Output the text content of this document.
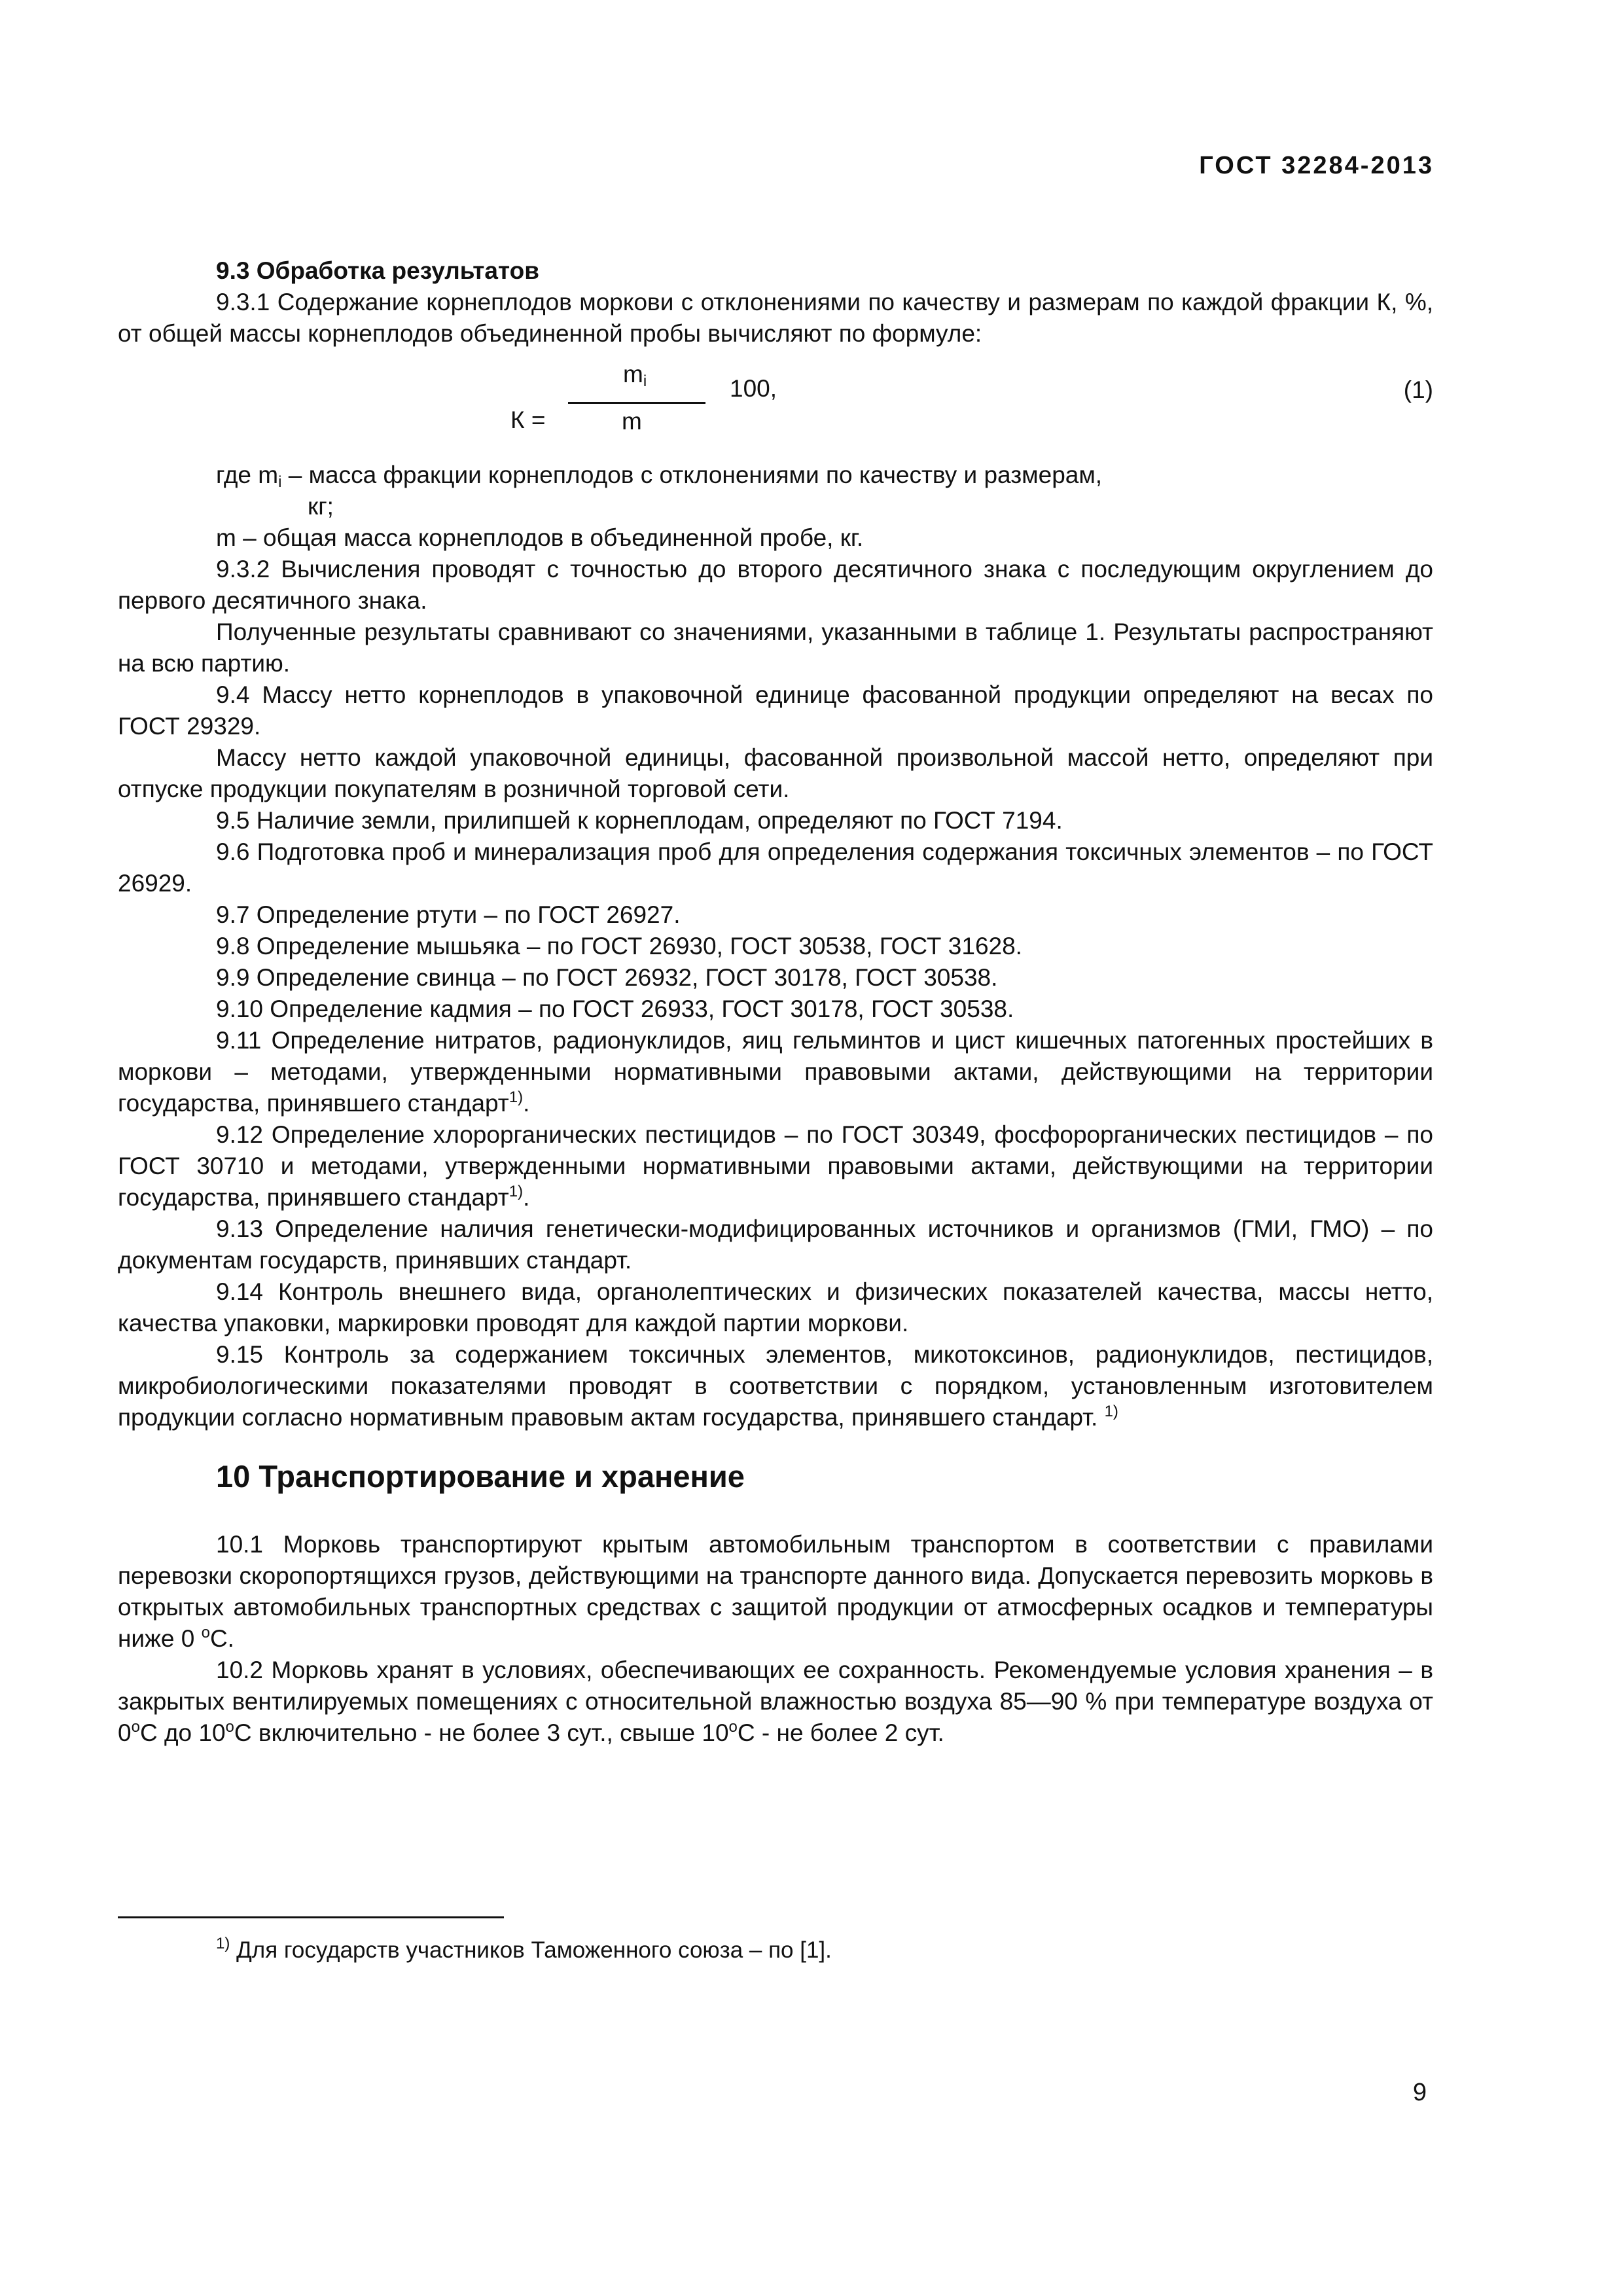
ГОСТ 32284-2013

9.3 Обработка результатов

9.3.1 Содержание корнеплодов моркови с отклонениями по качеству и размерам по каждой фракции К, %, от общей массы корнеплодов объединенной пробы вычисляют по формуле:

$m_i$
m
К =
100,	(1)
где $m_i$ – масса фракции корнеплодов с отклонениями по качеству и размерам,
кг;
m – общая масса корнеплодов в объединенной пробе, кг.

9.3.2 Вычисления проводят с точностью до второго десятичного знака с последующим округлением до первого десятичного знака.

Полученные результаты сравнивают со значениями, указанными в таблице 1. Результаты распространяют на всю партию.

9.4 Массу нетто корнеплодов в упаковочной единице фасованной продукции определяют на весах по ГОСТ 29329.

Массу нетто каждой упаковочной единицы, фасованной произвольной массой нетто, определяют при отпуске продукции покупателям в розничной торговой сети.

9.5 Наличие земли, прилипшей к корнеплодам, определяют по ГОСТ 7194.

9.6 Подготовка проб и минерализация проб для определения содержания токсичных элементов – по ГОСТ 26929.

9.7 Определение ртути – по ГОСТ 26927.

9.8 Определение мышьяка – по ГОСТ 26930, ГОСТ 30538, ГОСТ 31628.

9.9 Определение свинца – по ГОСТ 26932, ГОСТ 30178, ГОСТ 30538.

9.10 Определение кадмия – по ГОСТ 26933, ГОСТ 30178, ГОСТ 30538.

9.11 Определение нитратов, радионуклидов, яиц гельминтов и цист кишечных патогенных простейших в моркови – методами, утвержденными нормативными правовыми актами, действующими на территории государства, принявшего стандарт$^{1)}$.

9.12 Определение хлорорганических пестицидов – по ГОСТ 30349, фосфорорганических пестицидов – по ГОСТ 30710 и методами, утвержденными нормативными правовыми актами, действующими на территории государства, принявшего стандарт$^{1)}$.

9.13 Определение наличия генетически-модифицированных источников и организмов (ГМИ, ГМО) – по документам государств, принявших стандарт.

9.14 Контроль внешнего вида, органолептических и физических показателей качества, массы нетто, качества упаковки, маркировки проводят для каждой партии моркови.

9.15 Контроль за содержанием токсичных элементов, микотоксинов, радионуклидов, пестицидов, микробиологическими показателями проводят в соответствии с порядком, установленным изготовителем продукции согласно нормативным правовым актам государства, принявшего стандарт. $^{1)}$

10 Транспортирование и хранение

10.1 Морковь транспортируют крытым автомобильным транспортом в соответствии с правилами перевозки скоропортящихся грузов, действующими на транспорте данного вида. Допускается перевозить морковь в открытых автомобильных транспортных средствах с защитой продукции от атмосферных осадков и температуры ниже 0 $^о$С.

10.2 Морковь хранят в условиях, обеспечивающих ее сохранность. Рекомендуемые условия хранения – в закрытых вентилируемых помещениях с относительной влажностью воздуха 85—90 % при температуре воздуха от $0^оС$ до $10^оС$ включительно - не более 3 сут., свыше $10^оС$ - не более 2 сут.

$^{1)}$ Для государств участников Таможенного союза – по [1].
9
